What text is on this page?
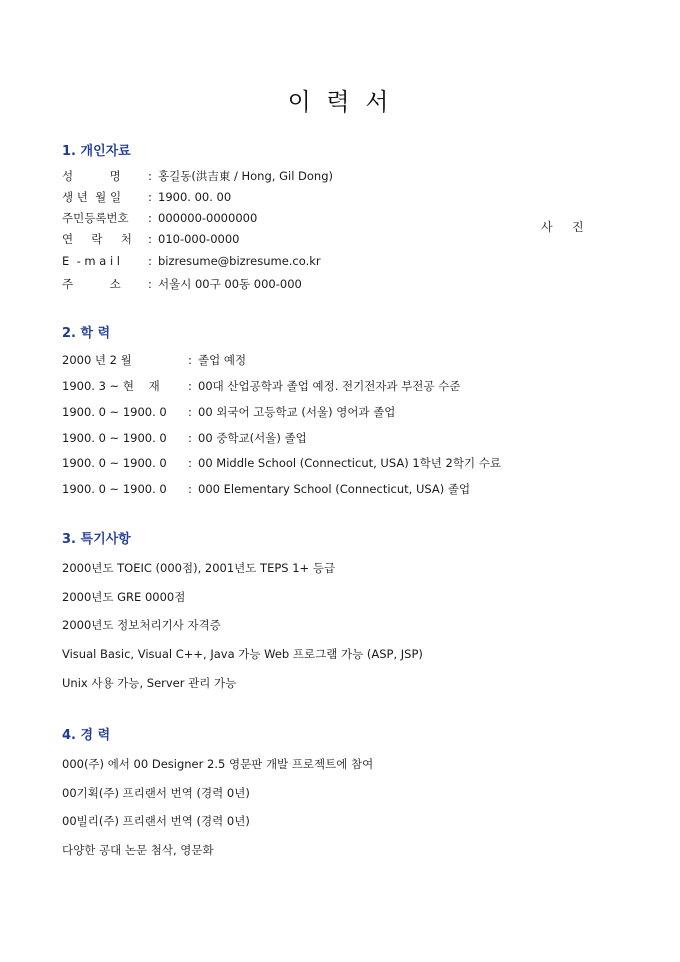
이 력 서
1. 개인자료
성          명 : 홍길동(洪吉東 / Hong, Gil Dong)
생 년  월 일 : 1900. 00. 00
주민등록번호 : 000000-0000000
연     락     처 : 010-000-0000
E  - m a i l : bizresume@bizresume.co.kr
주          소 : 서울시 00구 00동 000-000
사   진
2. 학 력
2000 년 2 월	: 졸업 예정
1900. 3 ~ 현    재 : 00대 산업공학과 졸업 예정. 전기전자과 부전공 수준
1900. 0 ~ 1900. 0 : 00 외국어 고등학교 (서울) 영어과 졸업
1900. 0 ~ 1900. 0 : 00 중학교(서울) 졸업
1900. 0 ~ 1900. 0 : 00 Middle School (Connecticut, USA) 1학년 2학기 수료
1900. 0 ~ 1900. 0 : 000 Elementary School (Connecticut, USA) 졸업
3. 특기사항
2000년도 TOEIC (000점), 2001년도 TEPS 1+ 등급
2000년도 GRE 0000점
2000년도 정보처리기사 자격증
Visual Basic, Visual C++, Java 가능 Web 프로그램 가능 (ASP, JSP)
Unix 사용 가능, Server 관리 가능
4. 경 력
000(주) 에서 00 Designer 2.5 영문판 개발 프로젝트에 참여
00기획(주) 프리랜서 번역 (경력 0년)
00빌리(주) 프리랜서 번역 (경력 0년)
다양한 공대 논문 첨삭, 영문화
